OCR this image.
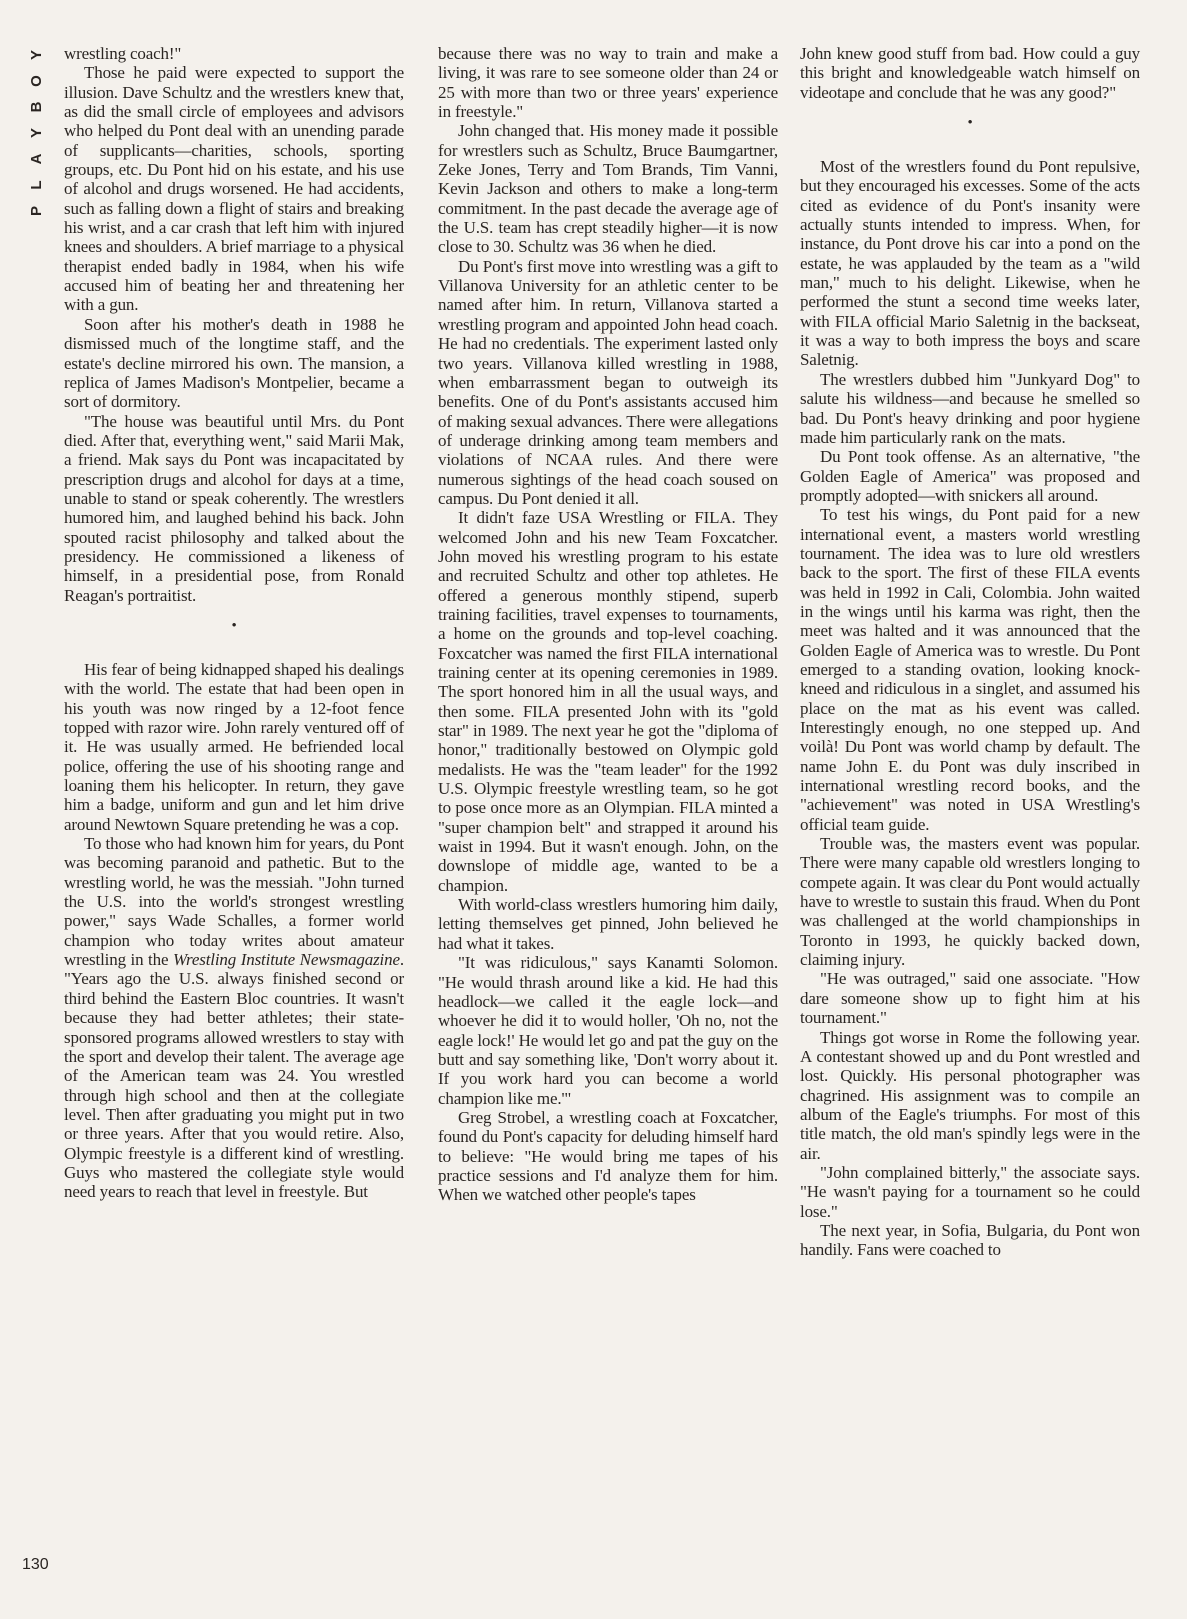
Y
O
B
Y
A
L
P

wrestling coach!"

Those he paid were expected to support the illusion. Dave Schultz and the wrestlers knew that, as did the small circle of employees and advisors who helped du Pont deal with an unending parade of supplicants—charities, schools, sporting groups, etc. Du Pont hid on his estate, and his use of alcohol and drugs worsened. He had accidents, such as falling down a flight of stairs and breaking his wrist, and a car crash that left him with injured knees and shoulders. A brief marriage to a physical therapist ended badly in 1984, when his wife accused him of beating her and threatening her with a gun.

Soon after his mother's death in 1988 he dismissed much of the longtime staff, and the estate's decline mirrored his own. The mansion, a replica of James Madison's Montpelier, became a sort of dormitory.

"The house was beautiful until Mrs. du Pont died. After that, everything went," said Marii Mak, a friend. Mak says du Pont was incapacitated by prescription drugs and alcohol for days at a time, unable to stand or speak coherently. The wrestlers humored him, and laughed behind his back. John spouted racist philosophy and talked about the presidency. He commissioned a likeness of himself, in a presidential pose, from Ronald Reagan's portraitist.

•

His fear of being kidnapped shaped his dealings with the world. The estate that had been open in his youth was now ringed by a 12-foot fence topped with razor wire. John rarely ventured off of it. He was usually armed. He befriended local police, offering the use of his shooting range and loaning them his helicopter. In return, they gave him a badge, uniform and gun and let him drive around Newtown Square pretending he was a cop.

To those who had known him for years, du Pont was becoming paranoid and pathetic. But to the wrestling world, he was the messiah. "John turned the U.S. into the world's strongest wrestling power," says Wade Schalles, a former world champion who today writes about amateur wrestling in the Wrestling Institute Newsmagazine. "Years ago the U.S. always finished second or third behind the Eastern Bloc countries. It wasn't because they had better athletes; their state-sponsored programs allowed wrestlers to stay with the sport and develop their talent. The average age of the American team was 24. You wrestled through high school and then at the collegiate level. Then after graduating you might put in two or three years. After that you would retire. Also, Olympic freestyle is a different kind of wrestling. Guys who mastered the collegiate style would need years to reach that level in freestyle. But

because there was no way to train and make a living, it was rare to see someone older than 24 or 25 with more than two or three years' experience in freestyle."

John changed that. His money made it possible for wrestlers such as Schultz, Bruce Baumgartner, Zeke Jones, Terry and Tom Brands, Tim Vanni, Kevin Jackson and others to make a long-term commitment. In the past decade the average age of the U.S. team has crept steadily higher—it is now close to 30. Schultz was 36 when he died.

Du Pont's first move into wrestling was a gift to Villanova University for an athletic center to be named after him. In return, Villanova started a wrestling program and appointed John head coach. He had no credentials. The experiment lasted only two years. Villanova killed wrestling in 1988, when embarrassment began to outweigh its benefits. One of du Pont's assistants accused him of making sexual advances. There were allegations of underage drinking among team members and violations of NCAA rules. And there were numerous sightings of the head coach soused on campus. Du Pont denied it all.

It didn't faze USA Wrestling or FILA. They welcomed John and his new Team Foxcatcher. John moved his wrestling program to his estate and recruited Schultz and other top athletes. He offered a generous monthly stipend, superb training facilities, travel expenses to tournaments, a home on the grounds and top-level coaching. Foxcatcher was named the first FILA international training center at its opening ceremonies in 1989. The sport honored him in all the usual ways, and then some. FILA presented John with its "gold star" in 1989. The next year he got the "diploma of honor," traditionally bestowed on Olympic gold medalists. He was the "team leader" for the 1992 U.S. Olympic freestyle wrestling team, so he got to pose once more as an Olympian. FILA minted a "super champion belt" and strapped it around his waist in 1994. But it wasn't enough. John, on the downslope of middle age, wanted to be a champion.

With world-class wrestlers humoring him daily, letting themselves get pinned, John believed he had what it takes.

"It was ridiculous," says Kanamti Solomon. "He would thrash around like a kid. He had this headlock—we called it the eagle lock—and whoever he did it to would holler, 'Oh no, not the eagle lock!' He would let go and pat the guy on the butt and say something like, 'Don't worry about it. If you work hard you can become a world champion like me.'"

Greg Strobel, a wrestling coach at Foxcatcher, found du Pont's capacity for deluding himself hard to believe: "He would bring me tapes of his practice sessions and I'd analyze them for him. When we watched other people's tapes

John knew good stuff from bad. How could a guy this bright and knowledgeable watch himself on videotape and conclude that he was any good?"

•

Most of the wrestlers found du Pont repulsive, but they encouraged his excesses. Some of the acts cited as evidence of du Pont's insanity were actually stunts intended to impress. When, for instance, du Pont drove his car into a pond on the estate, he was applauded by the team as a "wild man," much to his delight. Likewise, when he performed the stunt a second time weeks later, with FILA official Mario Saletnig in the backseat, it was a way to both impress the boys and scare Saletnig.

The wrestlers dubbed him "Junkyard Dog" to salute his wildness—and because he smelled so bad. Du Pont's heavy drinking and poor hygiene made him particularly rank on the mats.

Du Pont took offense. As an alternative, "the Golden Eagle of America" was proposed and promptly adopted—with snickers all around.

To test his wings, du Pont paid for a new international event, a masters world wrestling tournament. The idea was to lure old wrestlers back to the sport. The first of these FILA events was held in 1992 in Cali, Colombia. John waited in the wings until his karma was right, then the meet was halted and it was announced that the Golden Eagle of America was to wrestle. Du Pont emerged to a standing ovation, looking knock-kneed and ridiculous in a singlet, and assumed his place on the mat as his event was called. Interestingly enough, no one stepped up. And voilà! Du Pont was world champ by default. The name John E. du Pont was duly inscribed in international wrestling record books, and the "achievement" was noted in USA Wrestling's official team guide.

Trouble was, the masters event was popular. There were many capable old wrestlers longing to compete again. It was clear du Pont would actually have to wrestle to sustain this fraud. When du Pont was challenged at the world championships in Toronto in 1993, he quickly backed down, claiming injury.

"He was outraged," said one associate. "How dare someone show up to fight him at his tournament."

Things got worse in Rome the following year. A contestant showed up and du Pont wrestled and lost. Quickly. His personal photographer was chagrined. His assignment was to compile an album of the Eagle's triumphs. For most of this title match, the old man's spindly legs were in the air.

"John complained bitterly," the associate says. "He wasn't paying for a tournament so he could lose."

The next year, in Sofia, Bulgaria, du Pont won handily. Fans were coached to

130
